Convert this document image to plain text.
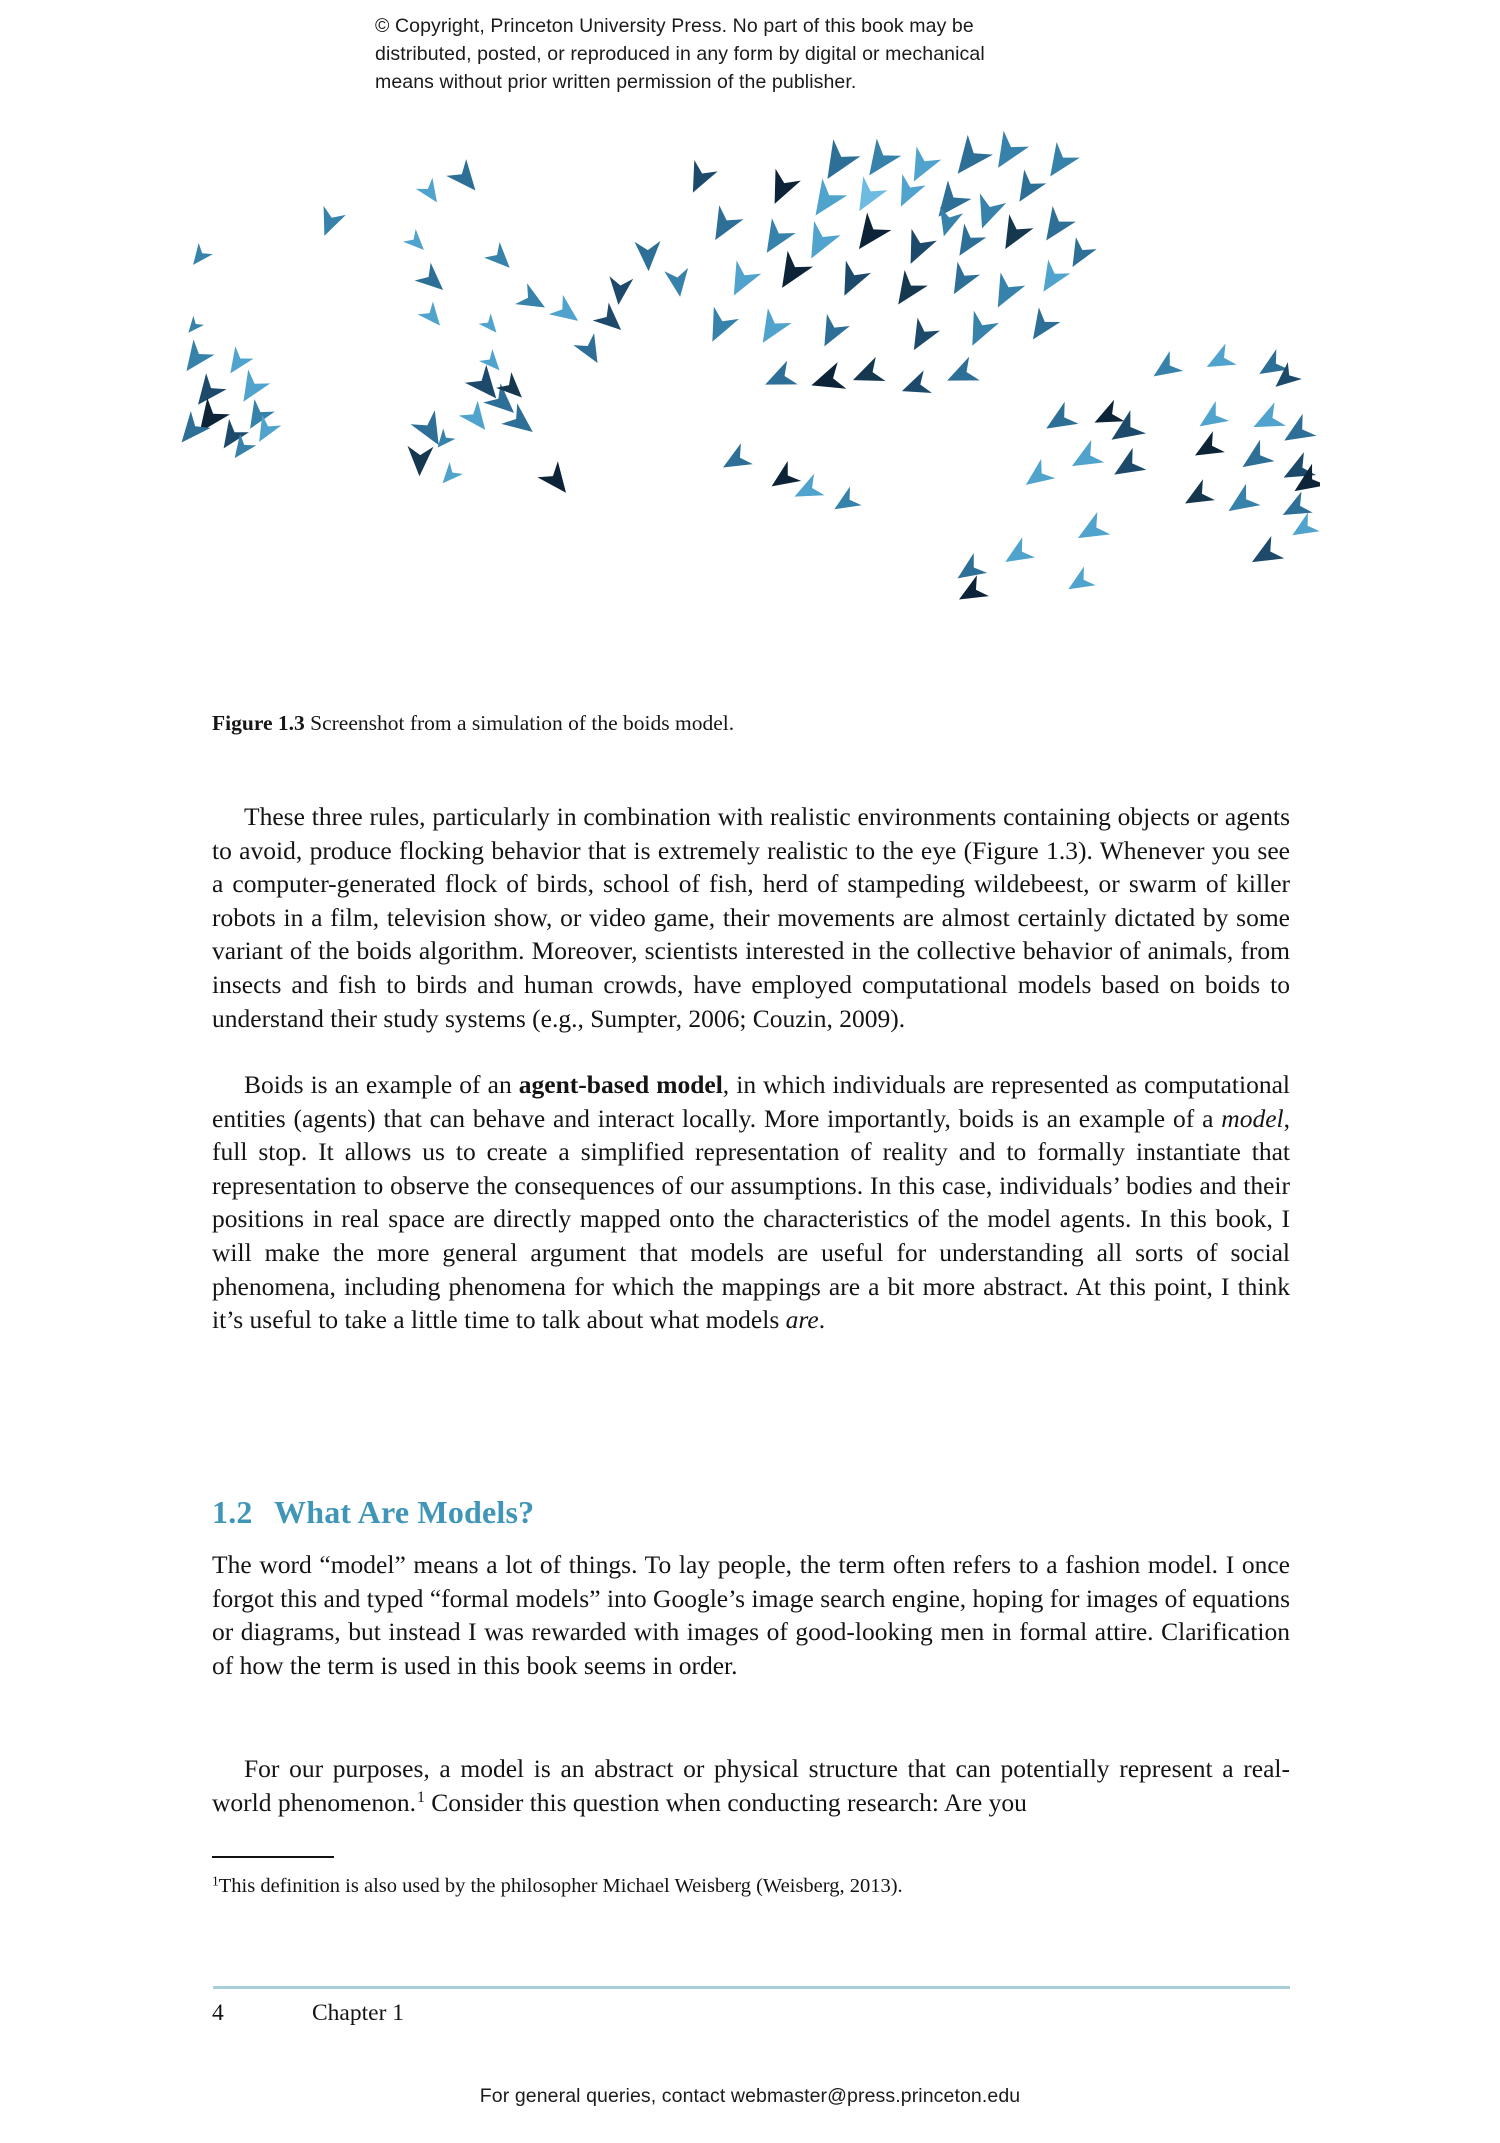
© Copyright, Princeton University Press. No part of this book may be
distributed, posted, or reproduced in any form by digital or mechanical
means without prior written permission of the publisher.
Figure 1.3 Screenshot from a simulation of the boids model.

These three rules, particularly in combination with realistic environments containing objects or agents to avoid, produce flocking behavior that is extremely realistic to the eye (Figure 1.3). Whenever you see a computer-generated flock of birds, school of fish, herd of stampeding wildebeest, or swarm of killer robots in a film, television show, or video game, their movements are almost certainly dictated by some variant of the boids algorithm. Moreover, scientists interested in the collective behavior of animals, from insects and fish to birds and human crowds, have employed computational models based on boids to understand their study systems (e.g., Sumpter, 2006; Couzin, 2009).

Boids is an example of an agent-based model, in which individuals are represented as computational entities (agents) that can behave and interact locally. More importantly, boids is an example of a model, full stop. It allows us to create a simplified representation of reality and to formally instantiate that representation to observe the consequences of our assumptions. In this case, individuals’ bodies and their positions in real space are directly mapped onto the characteristics of the model agents. In this book, I will make the more general argument that models are useful for understanding all sorts of social phenomena, including phenomena for which the mappings are a bit more abstract. At this point, I think it’s useful to take a little time to talk about what models are.

1.2 What Are Models?

The word “model” means a lot of things. To lay people, the term often refers to a fashion model. I once forgot this and typed “formal models” into Google’s image search engine, hoping for images of equations or diagrams, but instead I was rewarded with images of good-looking men in formal attire. Clarification of how the term is used in this book seems in order.

For our purposes, a model is an abstract or physical structure that can potentially represent a real-world phenomenon.$^1$ Consider this question when conducting research: Are you

$^1$This definition is also used by the philosopher Michael Weisberg (Weisberg, 2013).
4	Chapter 1
For general queries, contact webmaster@press.princeton.edu
